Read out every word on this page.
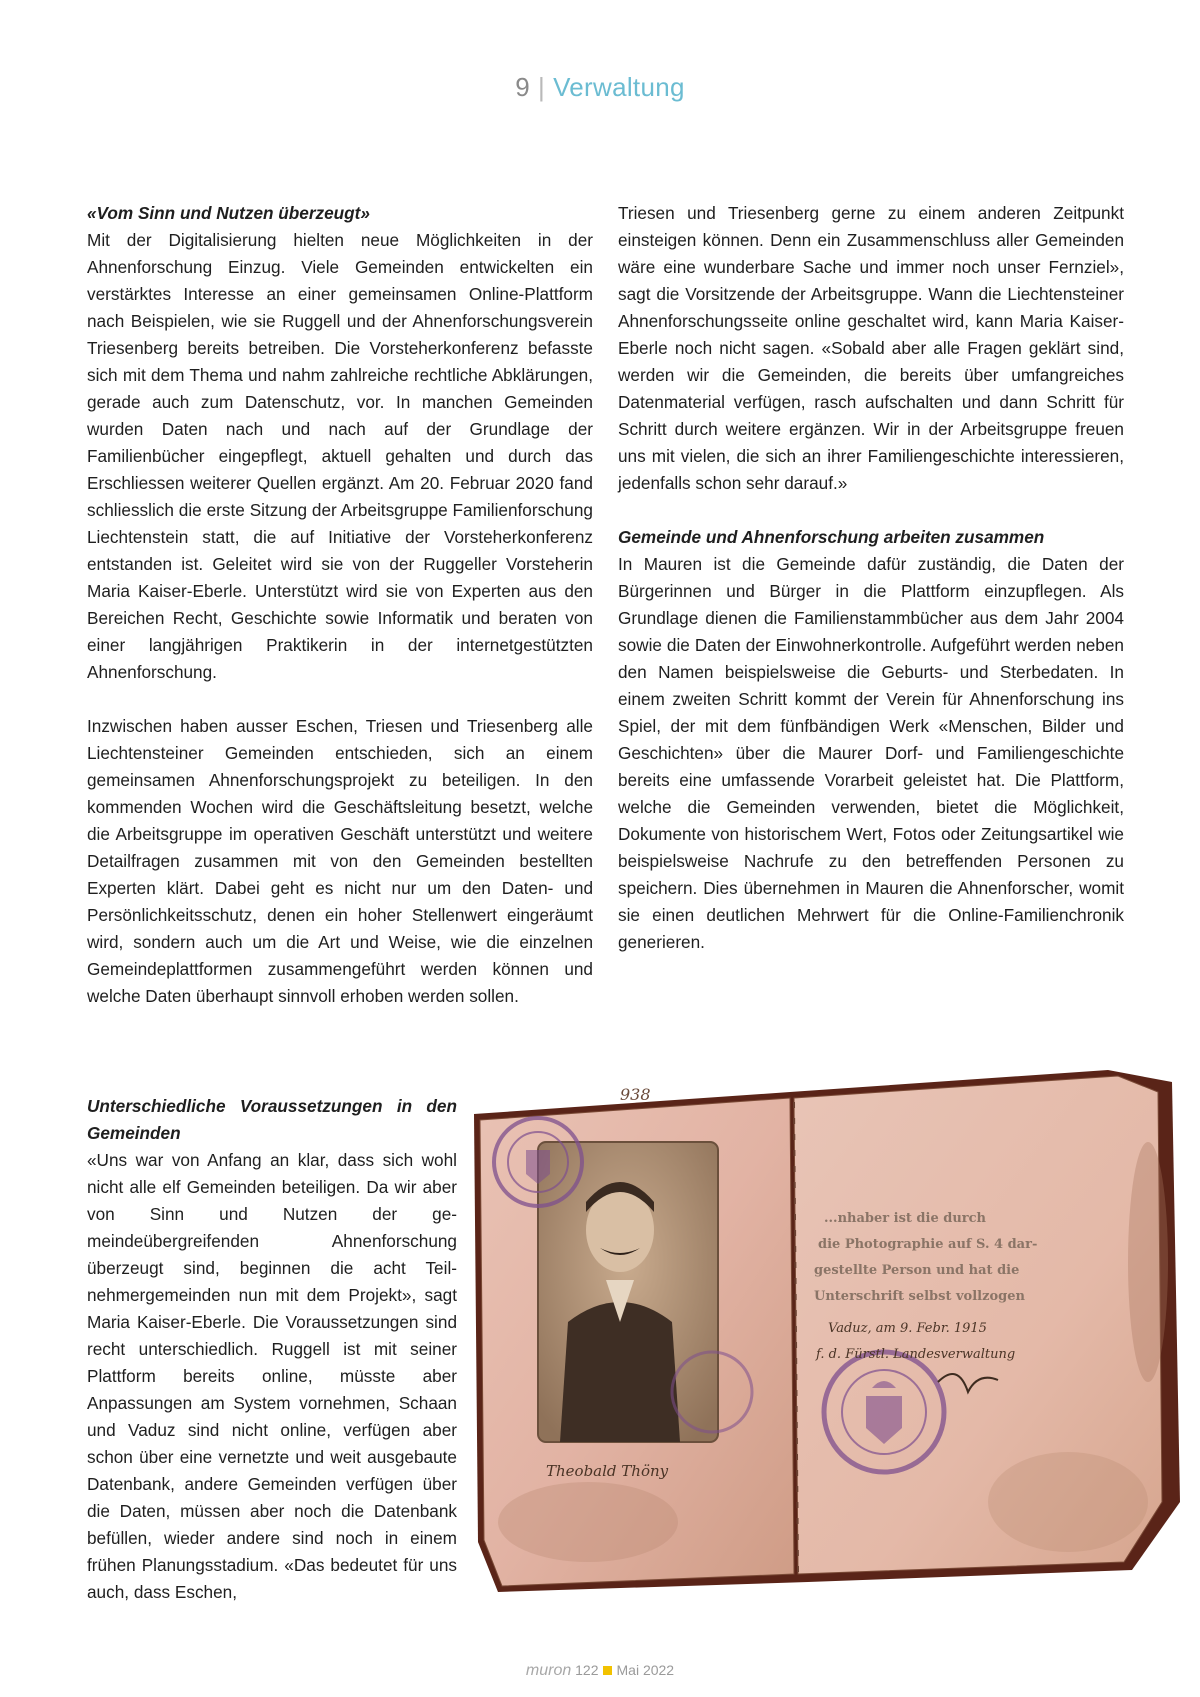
9 | Verwaltung
«Vom Sinn und Nutzen überzeugt»

Mit der Digitalisierung hielten neue Möglichkeiten in der Ahnenforschung Einzug. Viele Gemeinden entwickelten ein verstärktes Interesse an einer gemeinsamen Online-Plattform nach Beispielen, wie sie Ruggell und der Ahnenforschungsverein Triesenberg bereits betreiben. Die Vorsteherkonferenz befasste sich mit dem Thema und nahm zahlreiche rechtliche Abklärungen, gerade auch zum Datenschutz, vor. In manchen Gemeinden wurden Daten nach und nach auf der Grundlage der Familienbücher eingepflegt, aktuell gehalten und durch das Erschliessen weiterer Quellen ergänzt. Am 20. Februar 2020 fand schliesslich die erste Sitzung der Arbeitsgruppe Familienforschung Liechtenstein statt, die auf Initiative der Vorsteherkonferenz entstanden ist. Geleitet wird sie von der Ruggeller Vorsteherin Maria Kaiser-Eberle. Unterstützt wird sie von Experten aus den Bereichen Recht, Geschichte sowie Informatik und beraten von einer langjährigen Praktikerin in der internetgestützten Ahnenforschung.

Inzwischen haben ausser Eschen, Triesen und Triesenberg alle Liechtensteiner Gemeinden entschieden, sich an einem gemeinsamen Ahnenforschungsprojekt zu beteiligen. In den kommenden Wochen wird die Geschäftsleitung besetzt, welche die Arbeitsgruppe im operativen Geschäft unterstützt und weitere Detailfragen zusammen mit von den Gemeinden bestellten Experten klärt. Dabei geht es nicht nur um den Daten- und Persönlichkeitsschutz, denen ein hoher Stellenwert eingeräumt wird, sondern auch um die Art und Weise, wie die einzelnen Gemeindeplattformen zusammengeführt werden können und welche Daten überhaupt sinnvoll erhoben werden sollen.

Triesen und Triesenberg gerne zu einem anderen Zeitpunkt einsteigen können. Denn ein Zusammenschluss aller Gemeinden wäre eine wunderbare Sache und immer noch unser Fernziel», sagt die Vorsitzende der Arbeitsgruppe. Wann die Liechtensteiner Ahnenforschungsseite online geschaltet wird, kann Maria Kaiser-Eberle noch nicht sagen. «Sobald aber alle Fragen geklärt sind, werden wir die Gemeinden, die bereits über umfangreiches Datenmaterial verfügen, rasch aufschalten und dann Schritt für Schritt durch weitere ergänzen. Wir in der Arbeitsgruppe freuen uns mit vielen, die sich an ihrer Familiengeschichte interessieren, jedenfalls schon sehr darauf.»

Gemeinde und Ahnenforschung arbeiten zusammen

In Mauren ist die Gemeinde dafür zuständig, die Daten der Bürgerinnen und Bürger in die Plattform einzupflegen. Als Grundlage dienen die Familienstammbücher aus dem Jahr 2004 sowie die Daten der Einwohnerkontrolle. Aufgeführt werden neben den Namen beispielsweise die Geburts- und Sterbedaten. In einem zweiten Schritt kommt der Verein für Ahnenforschung ins Spiel, der mit dem fünfbändigen Werk «Menschen, Bilder und Geschichten» über die Maurer Dorf- und Familiengeschichte bereits eine umfassende Vorarbeit geleistet hat. Die Plattform, welche die Gemeinden verwenden, bietet die Möglichkeit, Dokumente von historischem Wert, Fotos oder Zeitungsartikel wie beispielsweise Nachrufe zu den betreffenden Personen zu speichern. Dies übernehmen in Mauren die Ahnenforscher, womit sie einen deutlichen Mehrwert für die Online-Familienchronik generieren.

Unterschiedliche Voraussetzungen in den Gemeinden

«Uns war von Anfang an klar, dass sich wohl nicht alle elf Gemeinden beteiligen. Da wir aber von Sinn und Nutzen der gemeindeübergreifenden Ahnenforschung überzeugt sind, beginnen die acht Teilnehmergemeinden nun mit dem Projekt», sagt Maria Kaiser-Eberle. Die Voraussetzungen sind recht unterschiedlich. Ruggell ist mit seiner Plattform bereits online, müsste aber Anpassungen am System vornehmen, Schaan und Vaduz sind nicht online, verfügen aber schon über eine vernetzte und weit ausgebaute Datenbank, andere Gemeinden verfügen über die Daten, müssen aber noch die Datenbank befüllen, wieder andere sind noch in einem frühen Planungsstadium. «Das bedeutet für uns auch, dass Eschen,

938
...nhaber ist die durch
die Photographie auf S. 4 dar-
gestellte Person und hat die
Unterschrift selbst vollzogen
Vaduz, am 9. Febr. 1915
f. d. Fürstl. Landesverwaltung
Theobald Thöny
muron 122 Mai 2022
